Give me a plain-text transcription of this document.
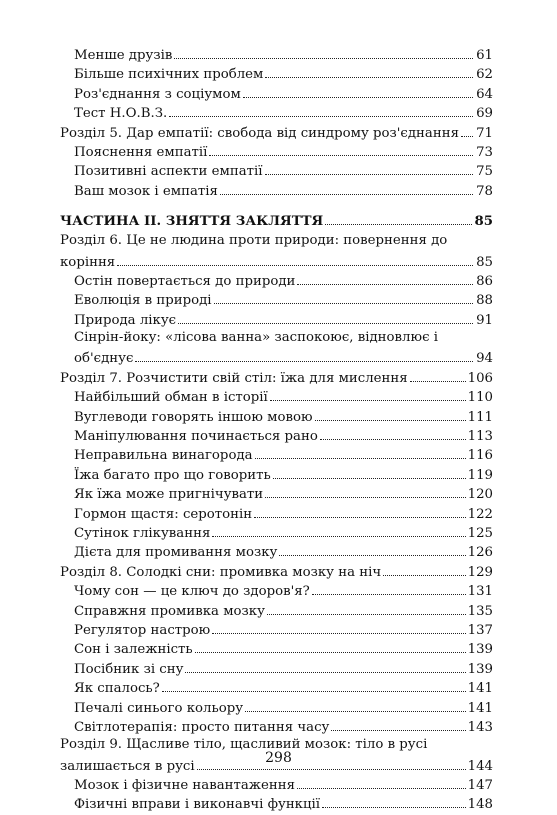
Менше друзів	61
Більше психічних проблем	62
Роз'єднання з соціумом	64
Тест Н.О.В.З.	69
Розділ 5. Дар емпатії: свобода від синдрому роз'єднання 71
Пояснення емпатії	73
Позитивні аспекти емпатії	75
Ваш мозок і емпатія	78
ЧАСТИНА ІІ. ЗНЯТТЯ ЗАКЛЯТТЯ	85
Розділ 6. Це не людина проти природи: повернення до
коріння	85
Остін повертається до природи	86
Еволюція в природі	88
Природа лікує	91
Сінрін-йоку: «лісова ванна» заспокоює, відновлює і
об'єднує	94
Розділ 7. Розчистити свій стіл: їжа для мислення	106
Найбільший обман в історії	110
Вуглеводи говорять іншою мовою	111
Маніпулювання починається рано	113
Неправильна винагорода	116
Їжа багато про що говорить	119
Як їжа може пригнічувати	120
Гормон щастя: серотонін	122
Сутінок глікування	125
Дієта для промивання мозку	126
Розділ 8. Солодкі сни: промивка мозку на ніч	129
Чому сон — це ключ до здоров'я?	131
Справжня промивка мозку	135
Регулятор настрою	137
Сон і залежність	139
Посібник зі сну	139
Як спалось?	141
Печалі синього кольору	141
Світлотерапія: просто питання часу	143
Розділ 9. Щасливе тіло, щасливий мозок: тіло в русі
залишається в русі	144
Мозок і фізичне навантаження	147
Фізичні вправи і виконавчі функції	148
298
